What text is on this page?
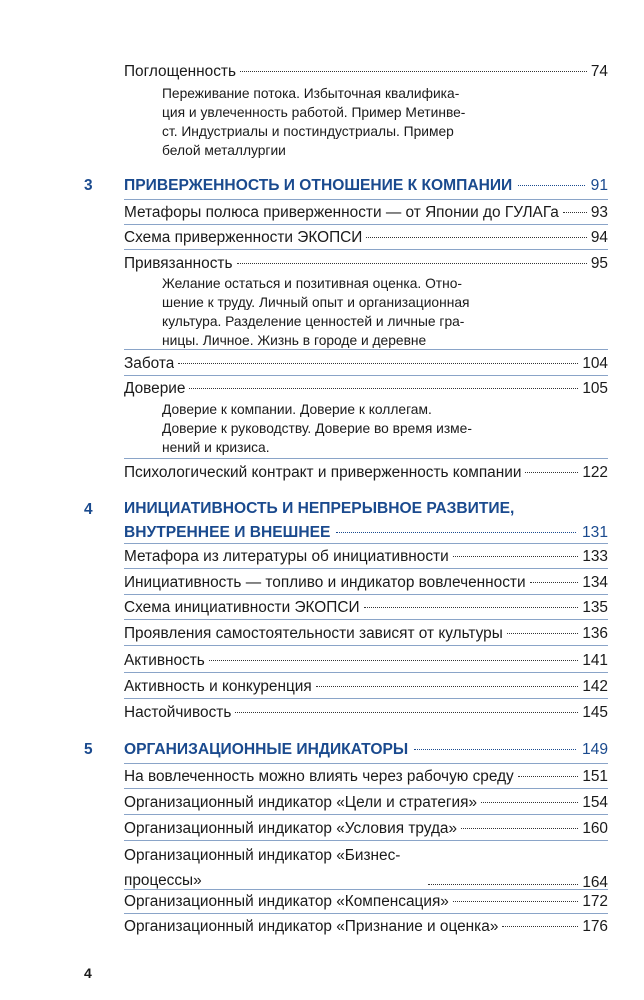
Поглощенность	74

Переживание потока. Избыточная квалифика-
ция и увлеченность работой. Пример Метинве-
ст. Индустриалы и постиндустриалы. Пример
белой металлургии

3 ПРИВЕРЖЕННОСТЬ И ОТНОШЕНИЕ К КОМПАНИИ	91
Метафоры полюса приверженности — от Японии до ГУЛАГа 93
Схема приверженности ЭКОПСИ	94
Привязанность	95

Желание остаться и позитивная оценка. Отно-
шение к труду. Личный опыт и организационная
культура. Разделение ценностей и личные гра-
ницы. Личное. Жизнь в городе и деревне

Забота	104
Доверие	105

Доверие к компании. Доверие к коллегам.
Доверие к руководству. Доверие во время изме-
нений и кризиса.

Психологический контракт и приверженность компании	122
4 ИНИЦИАТИВНОСТЬ И НЕПРЕРЫВНОЕ РАЗВИТИЕ,
ВНУТРЕННЕЕ И ВНЕШНЕЕ	131
Метафора из литературы об инициативности	133
Инициативность — топливо и индикатор вовлеченности	134
Схема инициативности ЭКОПСИ	135
Проявления самостоятельности зависят от культуры	136
Активность	141
Активность и конкуренция	142
Настойчивость	145
5 ОРГАНИЗАЦИОННЫЕ ИНДИКАТОРЫ	149
На вовлеченность можно влиять через рабочую среду	151
Организационный индикатор «Цели и стратегия»	154
Организационный индикатор «Условия труда»	160
Организационный индикатор «Бизнес-процессы»	164
Организационный индикатор «Компенсация»	172
Организационный индикатор «Признание и оценка»	176
4
